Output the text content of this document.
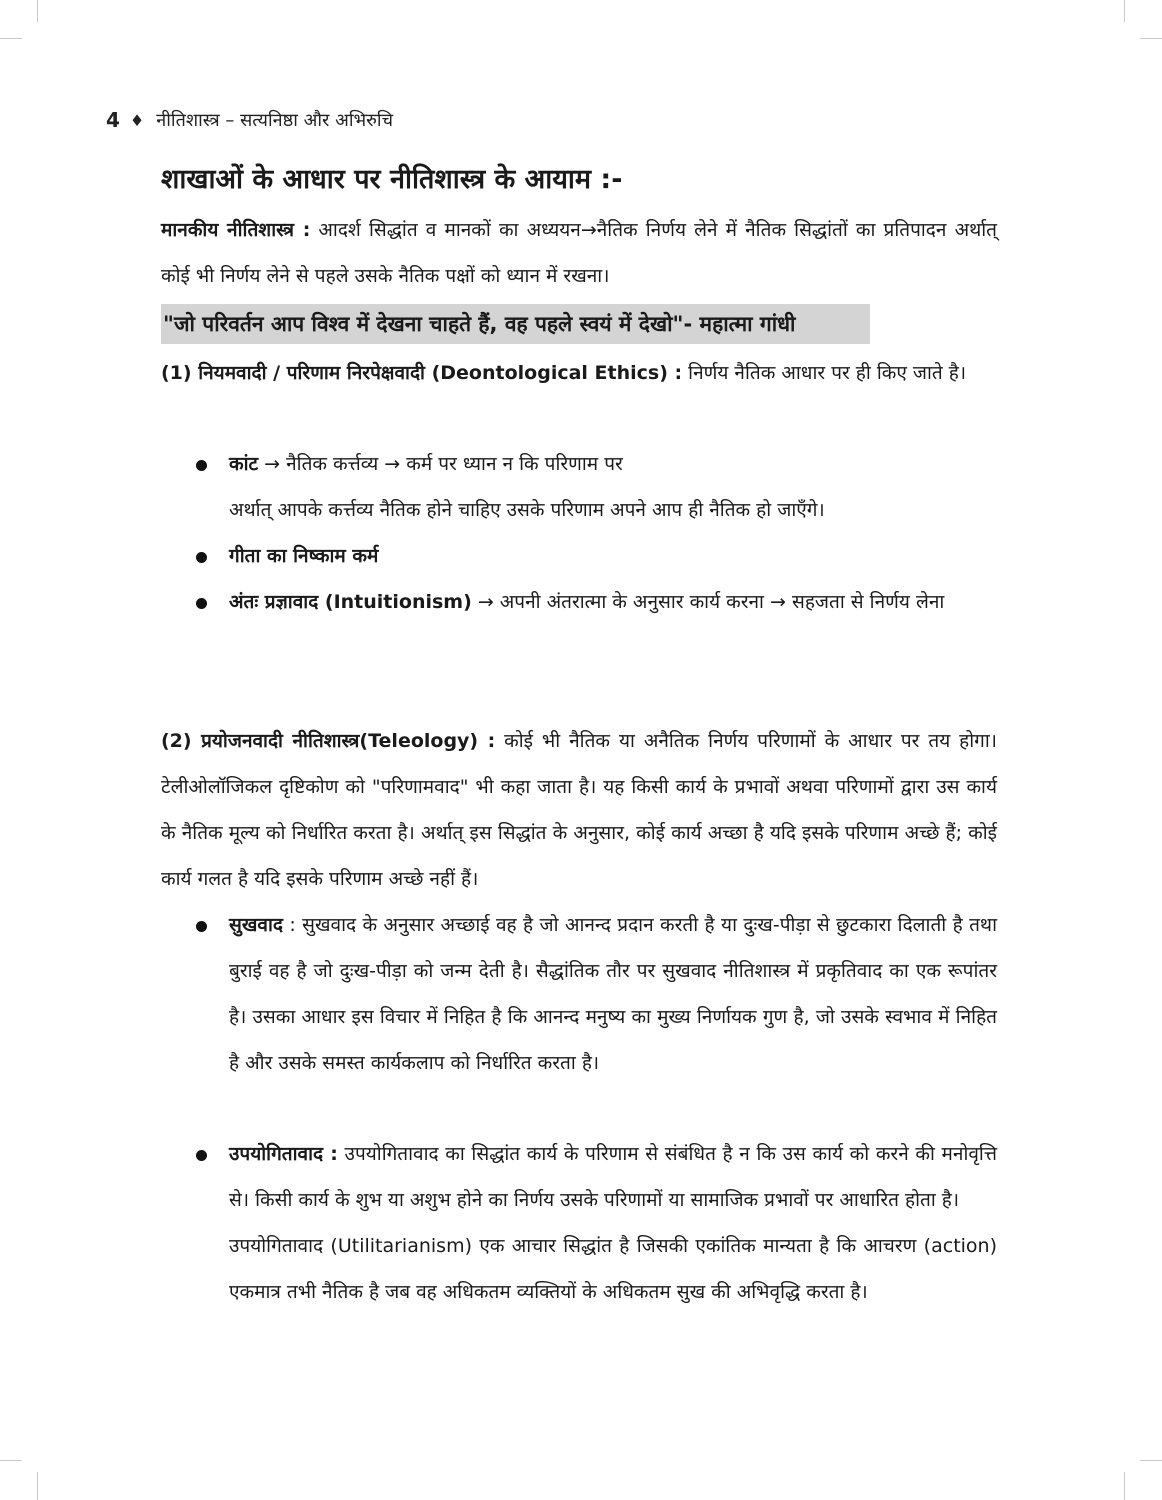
4 ♦ नीतिशास्त्र – सत्यनिष्ठा और अभिरुचि
शाखाओं के आधार पर नीतिशास्त्र के आयाम :-

मानकीय नीतिशास्त्र : आदर्श सिद्धांत व मानकों का अध्ययन→नैतिक निर्णय लेने में नैतिक सिद्धांतों का प्रतिपादन अर्थात् कोई भी निर्णय लेने से पहले उसके नैतिक पक्षों को ध्यान में रखना।

"जो परिवर्तन आप विश्व में देखना चाहते हैं, वह पहले स्वयं में देखो"- महात्मा गांधी

(1) नियमवादी / परिणाम निरपेक्षवादी (Deontological Ethics) : निर्णय नैतिक आधार पर ही किए जाते है।

कांट → नैतिक कर्त्तव्य → कर्म पर ध्यान न कि परिणाम पर
अर्थात् आपके कर्त्तव्य नैतिक होने चाहिए उसके परिणाम अपने आप ही नैतिक हो जाएँगे।

गीता का निष्काम कर्म

अंतः प्रज्ञावाद (Intuitionism) → अपनी अंतरात्मा के अनुसार कार्य करना → सहजता से निर्णय लेना

(2) प्रयोजनवादी नीतिशास्त्र(Teleology) : कोई भी नैतिक या अनैतिक निर्णय परिणामों के आधार पर तय होगा। टेलीओलॉजिकल दृष्टिकोण को "परिणामवाद" भी कहा जाता है। यह किसी कार्य के प्रभावों अथवा परिणामों द्वारा उस कार्य के नैतिक मूल्य को निर्धारित करता है। अर्थात् इस सिद्धांत के अनुसार, कोई कार्य अच्छा है यदि इसके परिणाम अच्छे हैं; कोई कार्य गलत है यदि इसके परिणाम अच्छे नहीं हैं।

सुखवाद : सुखवाद के अनुसार अच्छाई वह है जो आनन्द प्रदान करती है या दुःख-पीड़ा से छुटकारा दिलाती है तथा बुराई वह है जो दुःख-पीड़ा को जन्म देती है। सैद्धांतिक तौर पर सुखवाद नीतिशास्त्र में प्रकृतिवाद का एक रूपांतर है। उसका आधार इस विचार में निहित है कि आनन्द मनुष्य का मुख्य निर्णायक गुण है, जो उसके स्वभाव में निहित है और उसके समस्त कार्यकलाप को निर्धारित करता है।

उपयोगितावाद : उपयोगितावाद का सिद्धांत कार्य के परिणाम से संबंधित है न कि उस कार्य को करने की मनोवृत्ति से। किसी कार्य के शुभ या अशुभ होने का निर्णय उसके परिणामों या सामाजिक प्रभावों पर आधारित होता है।
उपयोगितावाद (Utilitarianism) एक आचार सिद्धांत है जिसकी एकांतिक मान्यता है कि आचरण (action) एकमात्र तभी नैतिक है जब वह अधिकतम व्यक्तियों के अधिकतम सुख की अभिवृद्धि करता है।
